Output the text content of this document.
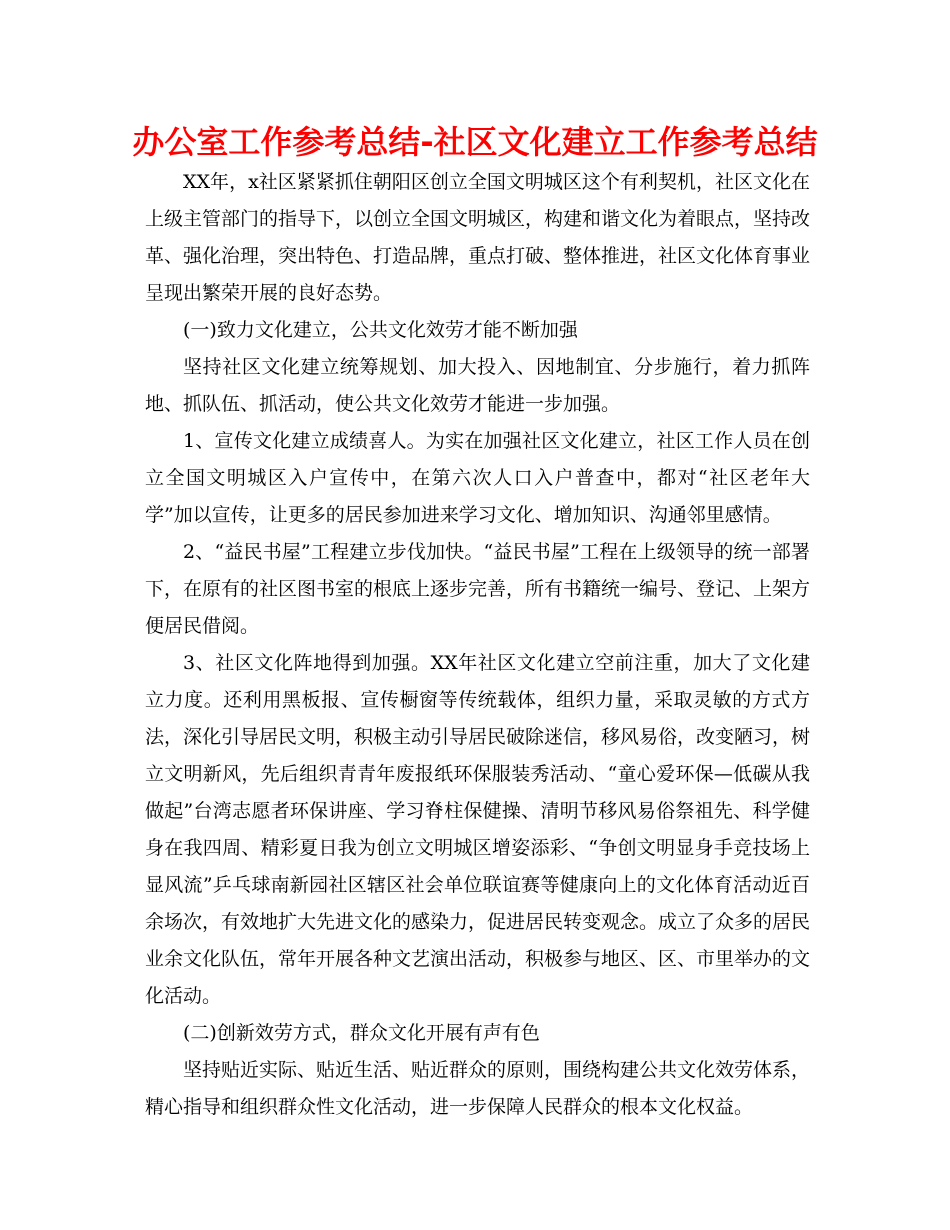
办公室工作参考总结-社区文化建立工作参考总结

XX年，x社区紧紧抓住朝阳区创立全国文明城区这个有利契机，社区文化在上级主管部门的指导下，以创立全国文明城区，构建和谐文化为着眼点，坚持改革、强化治理，突出特色、打造品牌，重点打破、整体推进，社区文化体育事业呈现出繁荣开展的良好态势。

(一)致力文化建立，公共文化效劳才能不断加强

坚持社区文化建立统筹规划、加大投入、因地制宜、分步施行，着力抓阵地、抓队伍、抓活动，使公共文化效劳才能进一步加强。

1、宣传文化建立成绩喜人。为实在加强社区文化建立，社区工作人员在创立全国文明城区入户宣传中，在第六次人口入户普查中，都对“社区老年大学”加以宣传，让更多的居民参加进来学习文化、增加知识、沟通邻里感情。

2、“益民书屋”工程建立步伐加快。“益民书屋”工程在上级领导的统一部署下，在原有的社区图书室的根底上逐步完善，所有书籍统一编号、登记、上架方便居民借阅。

3、社区文化阵地得到加强。XX年社区文化建立空前注重，加大了文化建立力度。还利用黑板报、宣传橱窗等传统载体，组织力量，采取灵敏的方式方法，深化引导居民文明，积极主动引导居民破除迷信，移风易俗，改变陋习，树立文明新风，先后组织青青年废报纸环保服装秀活动、“童心爱环保—低碳从我做起”台湾志愿者环保讲座、学习脊柱保健操、清明节移风易俗祭祖先、科学健身在我四周、精彩夏日我为创立文明城区增姿添彩、“争创文明显身手竞技场上显风流”乒乓球南新园社区辖区社会单位联谊赛等健康向上的文化体育活动近百余场次，有效地扩大先进文化的感染力，促进居民转变观念。成立了众多的居民业余文化队伍，常年开展各种文艺演出活动，积极参与地区、区、市里举办的文化活动。

(二)创新效劳方式，群众文化开展有声有色

坚持贴近实际、贴近生活、贴近群众的原则，围绕构建公共文化效劳体系，精心指导和组织群众性文化活动，进一步保障人民群众的根本文化权益。
